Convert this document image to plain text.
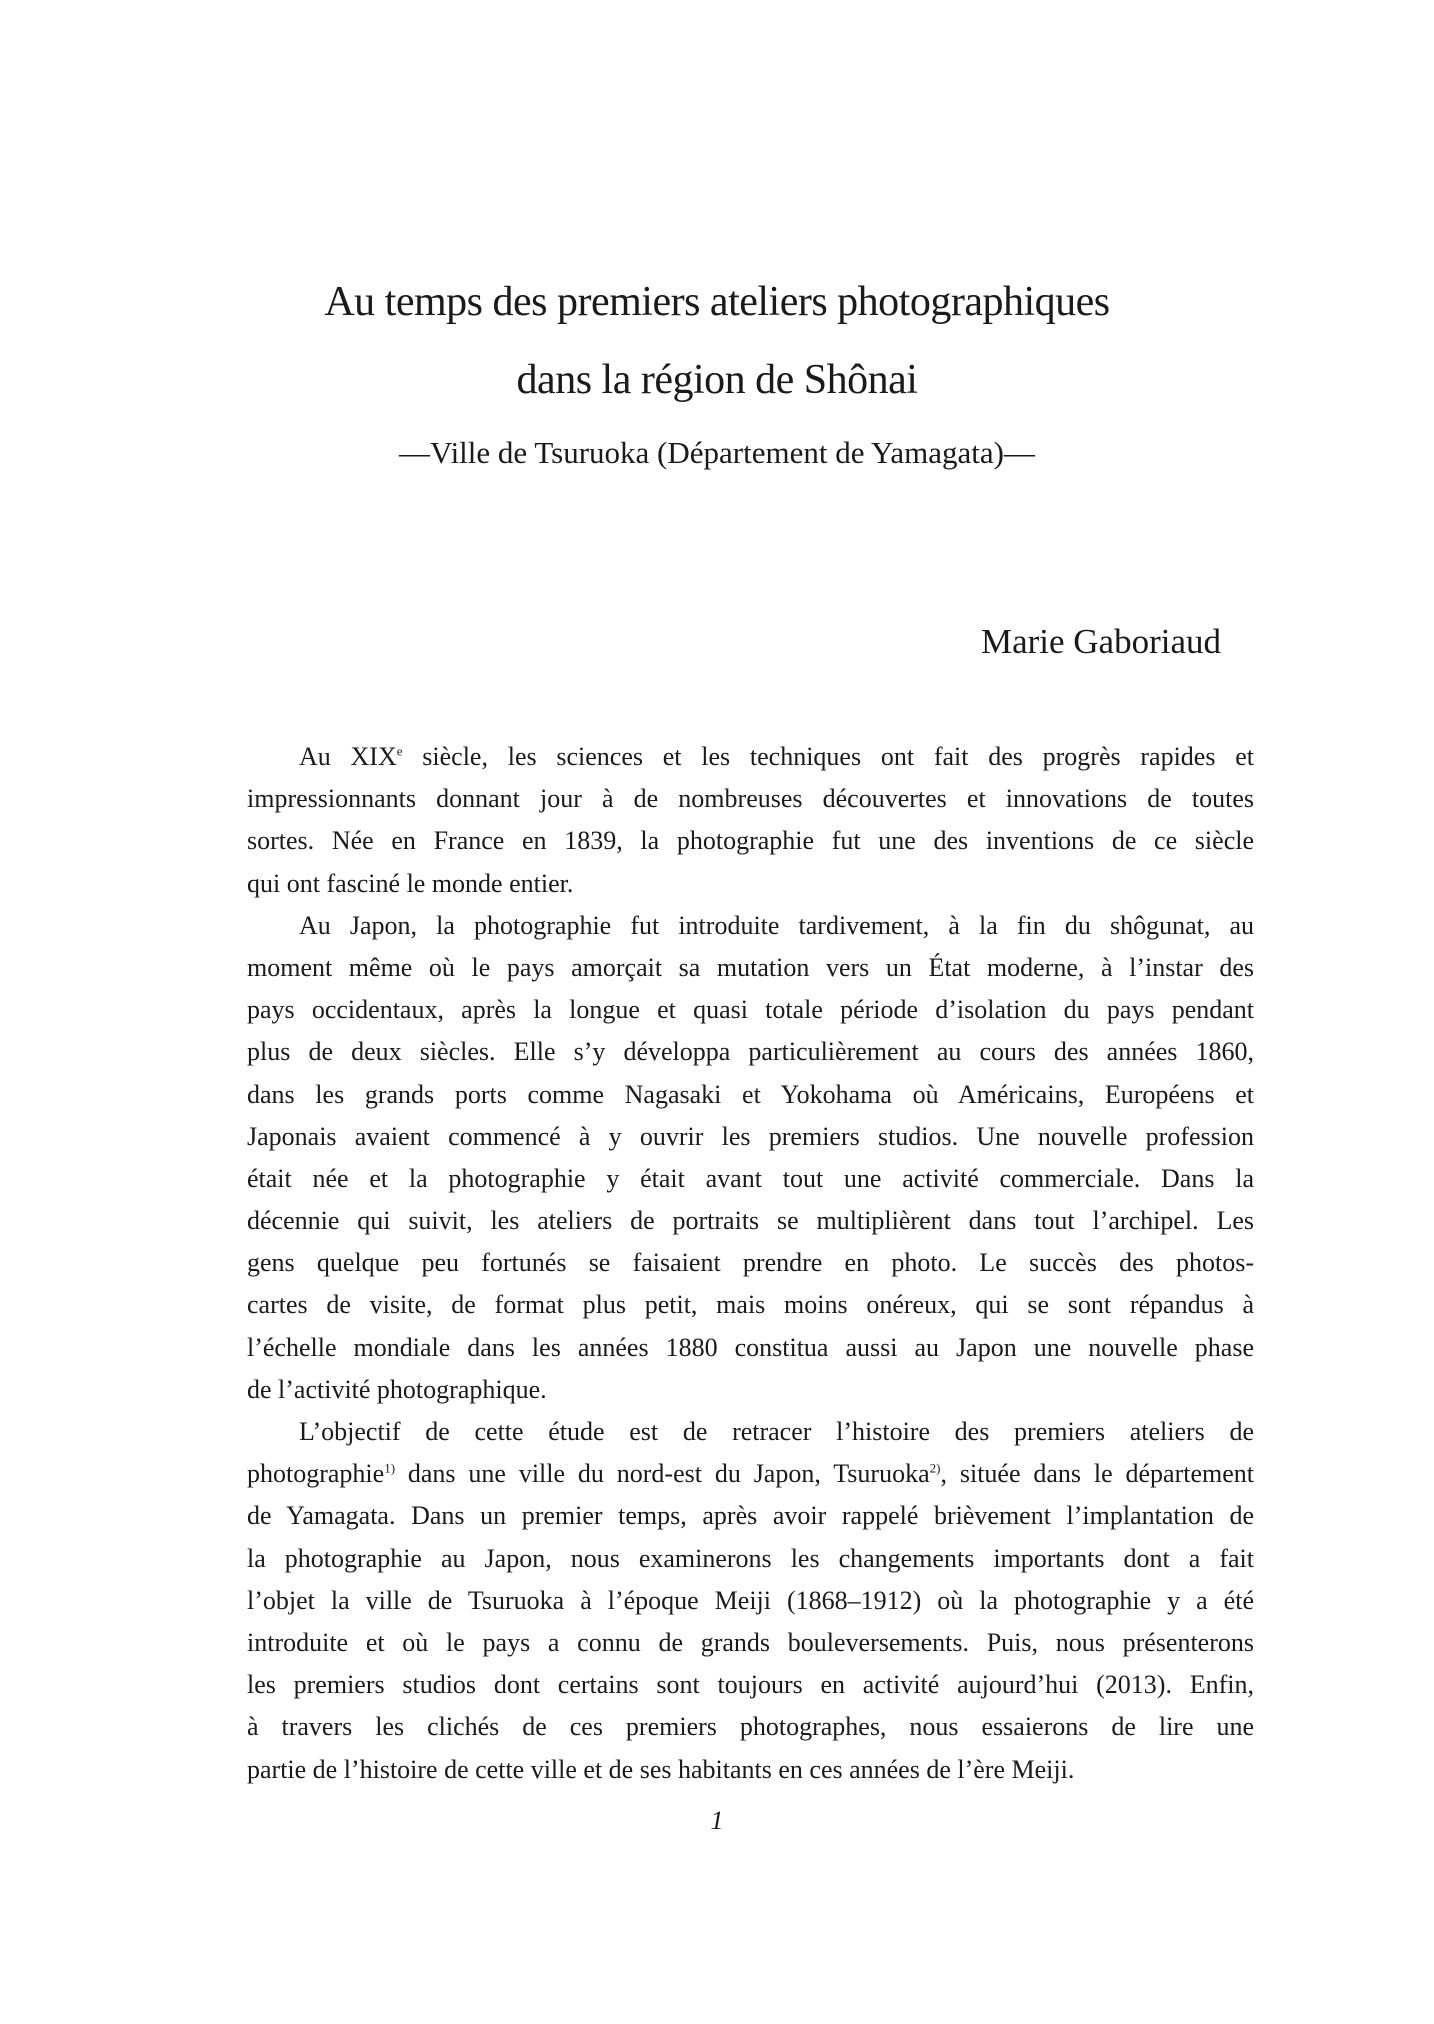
Au temps des premiers ateliers photographiques
dans la région de Shônai
—Ville de Tsuruoka (Département de Yamagata)—
Marie Gaboriaud
Au XIXe siècle, les sciences et les techniques ont fait des progrès rapides et
impressionnants donnant jour à de nombreuses découvertes et innovations de toutes
sortes. Née en France en 1839, la photographie fut une des inventions de ce siècle
qui ont fasciné le monde entier.
Au Japon, la photographie fut introduite tardivement, à la fin du shôgunat, au
moment même où le pays amorçait sa mutation vers un État moderne, à l’instar des
pays occidentaux, après la longue et quasi totale période d’isolation du pays pendant
plus de deux siècles. Elle s’y développa particulièrement au cours des années 1860,
dans les grands ports comme Nagasaki et Yokohama où Américains, Européens et
Japonais avaient commencé à y ouvrir les premiers studios. Une nouvelle profession
était née et la photographie y était avant tout une activité commerciale. Dans la
décennie qui suivit, les ateliers de portraits se multiplièrent dans tout l’archipel. Les
gens quelque peu fortunés se faisaient prendre en photo. Le succès des photos-
cartes de visite, de format plus petit, mais moins onéreux, qui se sont répandus à
l’échelle mondiale dans les années 1880 constitua aussi au Japon une nouvelle phase
de l’activité photographique.
L’objectif de cette étude est de retracer l’histoire des premiers ateliers de
photographie$^{1)}$ dans une ville du nord-est du Japon, Tsuruoka$^{2)}$, située dans le département
de Yamagata. Dans un premier temps, après avoir rappelé brièvement l’implantation de
la photographie au Japon, nous examinerons les changements importants dont a fait
l’objet la ville de Tsuruoka à l’époque Meiji (1868–1912) où la photographie y a été
introduite et où le pays a connu de grands bouleversements. Puis, nous présenterons
les premiers studios dont certains sont toujours en activité aujourd’hui (2013). Enfin,
à travers les clichés de ces premiers photographes, nous essaierons de lire une
partie de l’histoire de cette ville et de ses habitants en ces années de l’ère Meiji.
1
